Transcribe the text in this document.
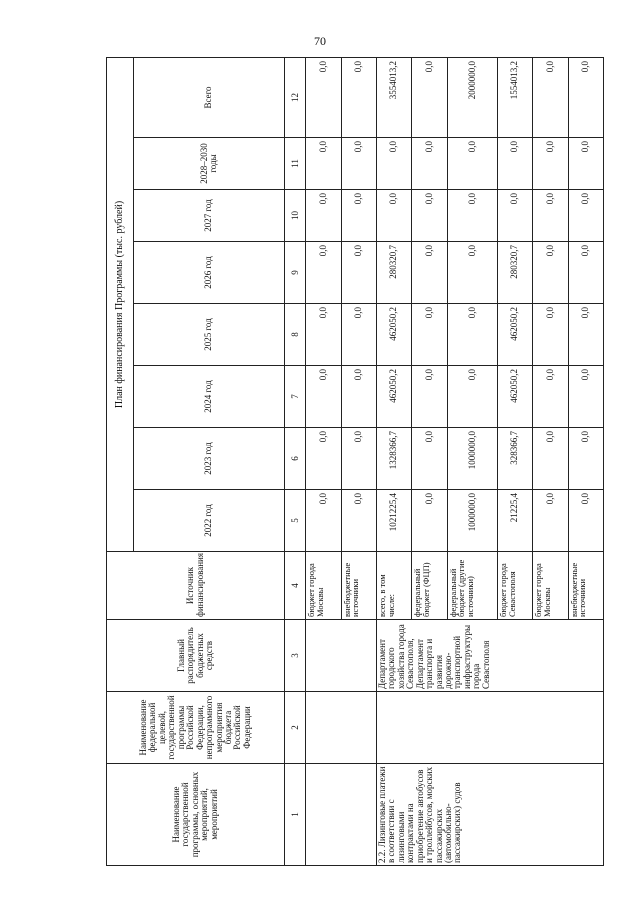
70
Наименование государственной программы, основных мероприятий, мероприятий	Наименование федеральной целевой, государственной программы Российской Федерации, непрограммного мероприятия бюджета Российской Федерации	Главный распорядитель бюджетных средств	Источник финансирования	План финансирования Программы (тыс. рублей)							
				2022 год	2023 год	2024 год	2025 год	2026 год	2027 год	2028–2030 годы	Всего
1	2	3	4	5	6	7	8	9	10	11	12
			бюджет города Москвы	0,0	0,0	0,0	0,0	0,0	0,0	0,0	0,0
			внебюджетные источники	0,0	0,0	0,0	0,0	0,0	0,0	0,0	0,0
2.2. Лизинговые платежи в соответствии с лизинговыми контрактами на приобретение автобусов и троллейбусов, морских пассажирских (автомобильно-пассажирских) судов		Департамент городского хозяйства города Севастополя, Департамент транспорта и развития дорожно-транспортной инфраструктуры города Севастополя	всего, в том числе:	1021225,4	1328366,7	462050,2	462050,2	280320,7	0,0	0,0	3554013,2
			федеральный бюджет (ФЦП)	0,0	0,0	0,0	0,0	0,0	0,0	0,0	0,0
			федеральный бюджет (другие источники)	1000000,0	1000000,0	0,0	0,0	0,0	0,0	0,0	2000000,0
			бюджет города Севастополя	21225,4	328366,7	462050,2	462050,2	280320,7	0,0	0,0	1554013,2
			бюджет города Москвы	0,0	0,0	0,0	0,0	0,0	0,0	0,0	0,0
			внебюджетные источники	0,0	0,0	0,0	0,0	0,0	0,0	0,0	0,0
